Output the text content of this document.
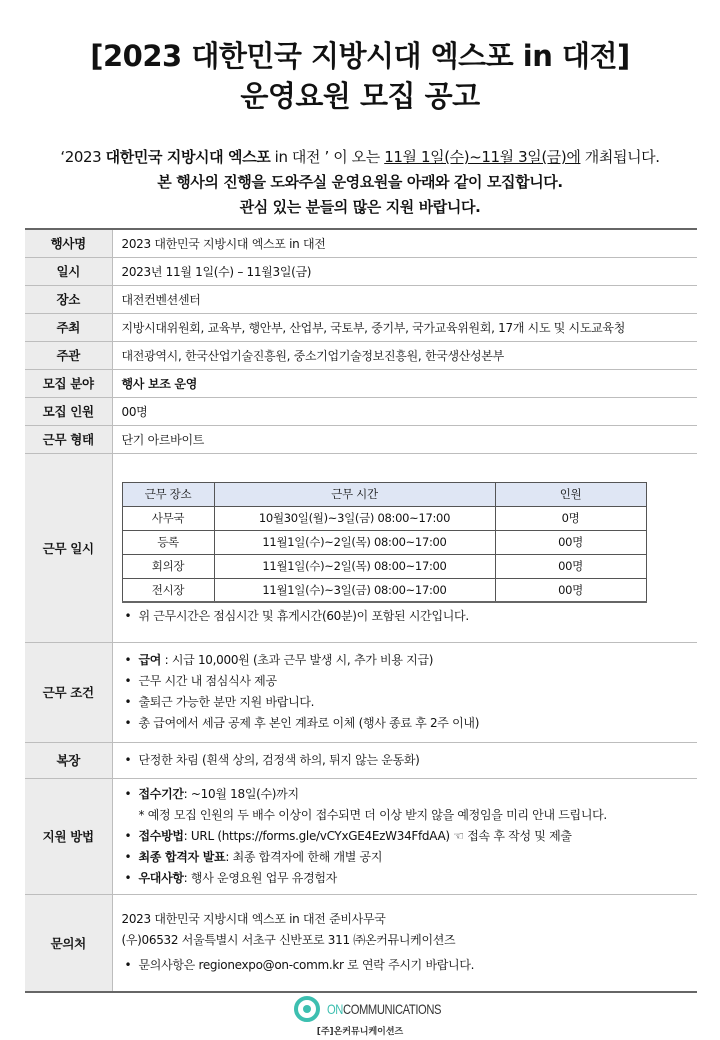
[2023 대한민국 지방시대 엑스포 in 대전]
운영요원 모집 공고
‘2023 대한민국 지방시대 엑스포 in 대전 ’ 이 오는 11월 1일(수)~11월 3일(금)에 개최됩니다.
본 행사의 진행을 도와주실 운영요원을 아래와 같이 모집합니다.
관심 있는 분들의 많은 지원 바랍니다.
행사명	2023 대한민국 지방시대 엑스포 in 대전
일시	2023년 11월 1일(수) – 11월3일(금)
장소	대전컨벤션센터
주최	지방시대위원회, 교육부, 행안부, 산업부, 국토부, 중기부, 국가교육위원회, 17개 시도 및 시도교육청
주관	대전광역시, 한국산업기술진흥원, 중소기업기술정보진흥원, 한국생산성본부
모집 분야	행사 보조 운영
모집 인원	00명
근무 형태	단기 아르바이트
근무 일시	
근무 장소	근무 시간	인원
사무국	10월30일(월)~3일(금) 08:00~17:00	0명
등록	11월1일(수)~2일(목) 08:00~17:00	00명
회의장	11월1일(수)~2일(목) 08:00~17:00	00명
전시장	11월1일(수)~3일(금) 08:00~17:00	00명
• 위 근무시간은 점심시간 및 휴게시간(60분)이 포함된 시간입니다.

근무 조건	
• 급여 : 시급 10,000원 (초과 근무 발생 시, 추가 비용 지급)
• 근무 시간 내 점심식사 제공
• 출퇴근 가능한 분만 지원 바랍니다.
• 총 급여에서 세금 공제 후 본인 계좌로 이체 (행사 종료 후 2주 이내)

복장	
•단정한 차림 (흰색 상의, 검정색 하의, 튀지 않는 운동화)

지원 방법	
• 접수기간: ~10월 18일(수)까지
* 예정 모집 인원의 두 배수 이상이 접수되면 더 이상 받지 않을 예정임을 미리 안내 드립니다.
• 접수방법: URL (https://forms.gle/vCYxGE4EzW34FfdAA) ☜ 접속 후 작성 및 제출
• 최종 합격자 발표: 최종 합격자에 한해 개별 공지
• 우대사항: 행사 운영요원 업무 유경험자

문의처	
2023 대한민국 지방시대 엑스포 in 대전 준비사무국
(우)06532 서울특별시 서초구 신반포로 311 ㈜온커뮤니케이션즈
• 문의사항은 regionexpo@on-comm.kr 로 연락 주시기 바랍니다.
ONCOMMUNICATIONS
[주]온커뮤니케이션즈
